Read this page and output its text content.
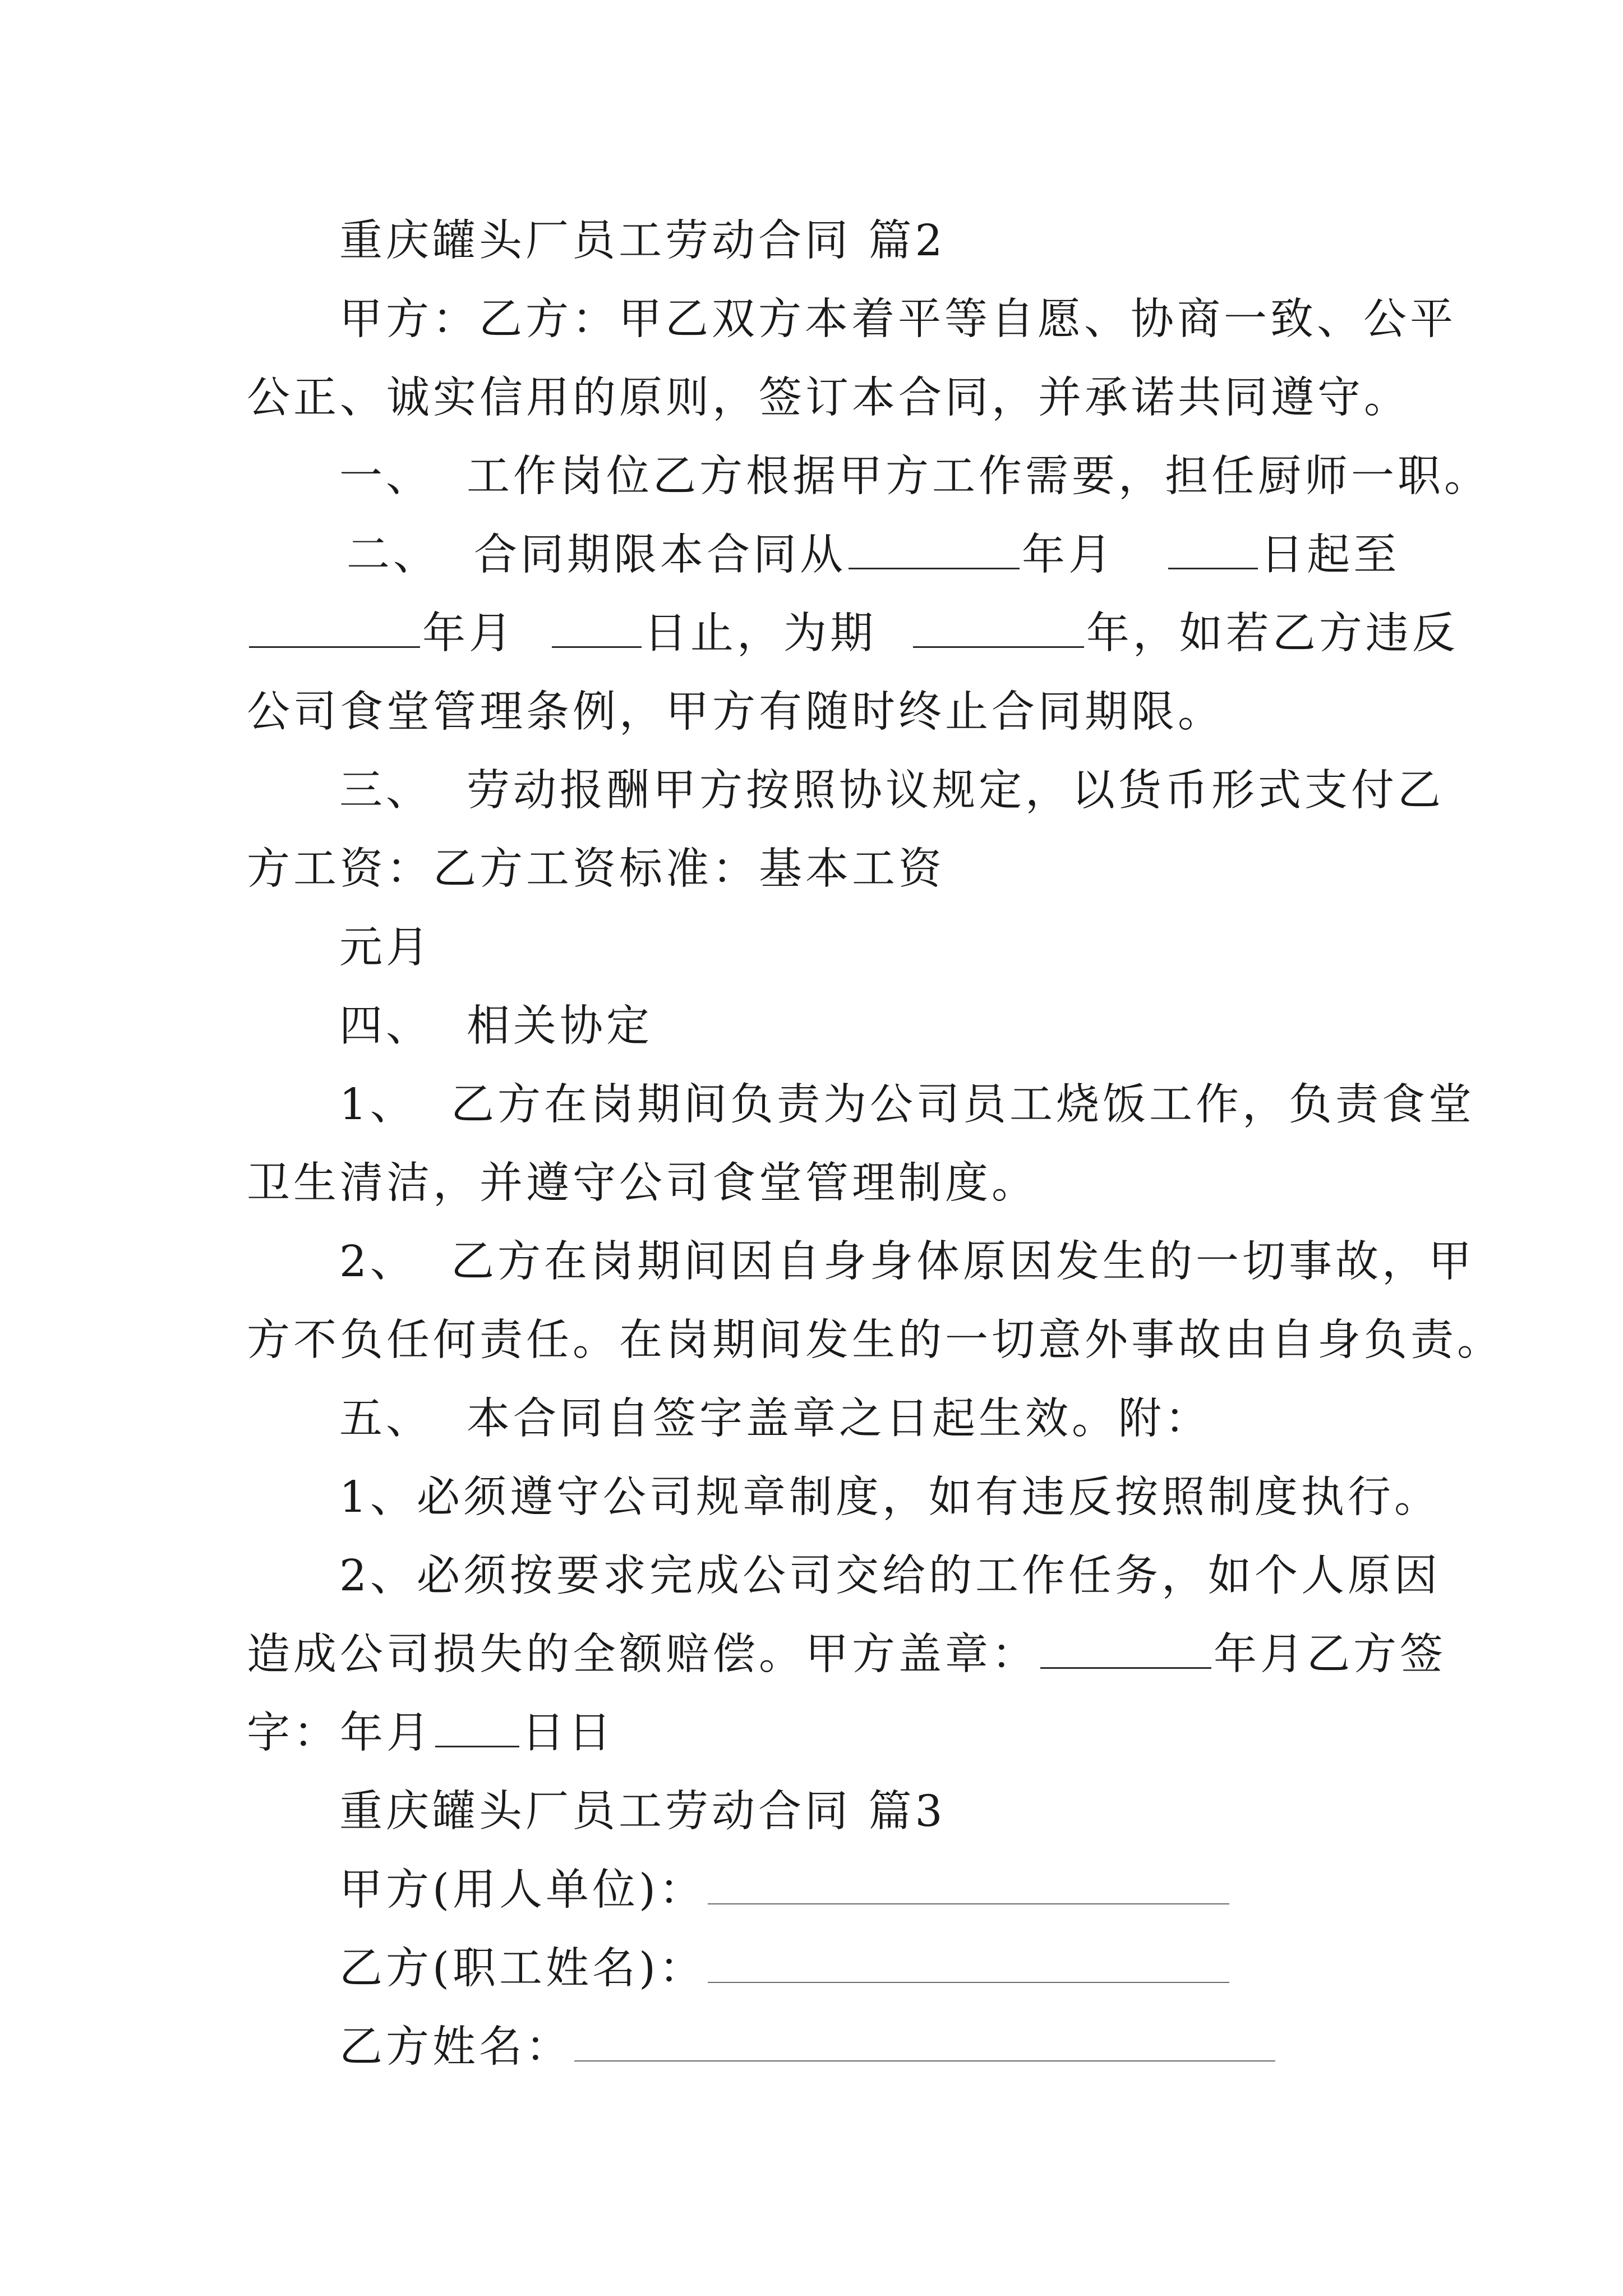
重庆罐头厂员工劳动合同 篇2
甲方：乙方：甲乙双方本着平等自愿、协商一致、公平
公正、诚实信用的原则，签订本合同，并承诺共同遵守。
一、  工作岗位乙方根据甲方工作需要，担任厨师一职。
二、  合同期限本合同从	年月	日起至
年月	日止，为期	年，如若乙方违反
公司食堂管理条例，甲方有随时终止合同期限。
三、  劳动报酬甲方按照协议规定，以货币形式支付乙
方工资：乙方工资标准：基本工资
元月
四、  相关协定
1、  乙方在岗期间负责为公司员工烧饭工作，负责食堂
卫生清洁，并遵守公司食堂管理制度。
2、  乙方在岗期间因自身身体原因发生的一切事故，甲
方不负任何责任。在岗期间发生的一切意外事故由自身负责。
五、  本合同自签字盖章之日起生效。附：
1、必须遵守公司规章制度，如有违反按照制度执行。
2、必须按要求完成公司交给的工作任务，如个人原因
造成公司损失的全额赔偿。甲方盖章：	年月乙方签
字：年月 日日
重庆罐头厂员工劳动合同 篇3
甲方(用人单位)：
乙方(职工姓名)：
乙方姓名：
